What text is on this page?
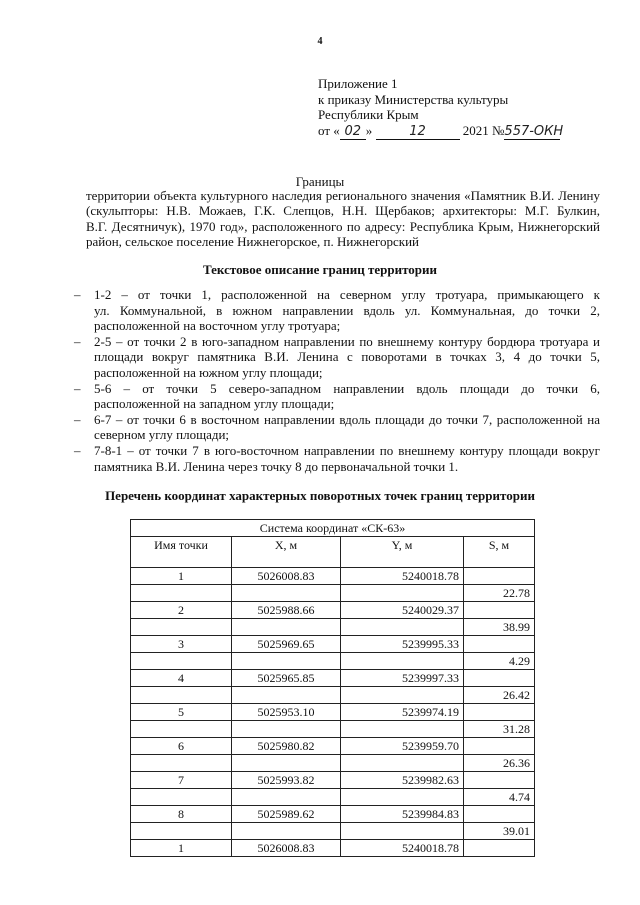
4
Приложение 1
к приказу Министерства культуры
Республики Крым
от « 02 »	12	2021 №557-ОКН
Границы
территории объекта культурного наследия регионального значения «Памятник В.И. Ленину
(скульпторы: Н.В. Можаев, Г.К. Слепцов, Н.Н. Щербаков; архитекторы: М.Г. Булкин,
В.Г. Десятничук), 1970 год», расположенного по адресу: Республика Крым, Нижнегорский
район, сельское поселение Нижнегорское, п. Нижнегорский
Текстовое описание границ территории
– 1-2 – от точки 1, расположенной на северном углу тротуара, примыкающего к
ул. Коммунальной, в южном направлении вдоль ул. Коммунальная, до точки 2,
расположенной на восточном углу тротуара;
– 2-5 – от точки 2 в юго-западном направлении по внешнему контуру бордюра тротуара и
площади вокруг памятника В.И. Ленина с поворотами в точках 3, 4 до точки 5,
расположенной на южном углу площади;
– 5-6 – от точки 5 северо-западном направлении вдоль площади до точки 6,
расположенной на западном углу площади;
– 6-7 – от точки 6 в восточном направлении вдоль площади до точки 7, расположенной на
северном углу площади;
– 7-8-1 – от точки 7 в юго-восточном направлении по внешнему контуру площади вокруг
памятника В.И. Ленина через точку 8 до первоначальной точки 1.
Перечень координат характерных поворотных точек границ территории
Система координат «СК-63»			
Имя точки	X, м	Y, м	S, м
1	5026008.83	5240018.78	
			22.78
2	5025988.66	5240029.37	
			38.99
3	5025969.65	5239995.33	
			4.29
4	5025965.85	5239997.33	
			26.42
5	5025953.10	5239974.19	
			31.28
6	5025980.82	5239959.70	
			26.36
7	5025993.82	5239982.63	
			4.74
8	5025989.62	5239984.83	
			39.01
1	5026008.83	5240018.78	
